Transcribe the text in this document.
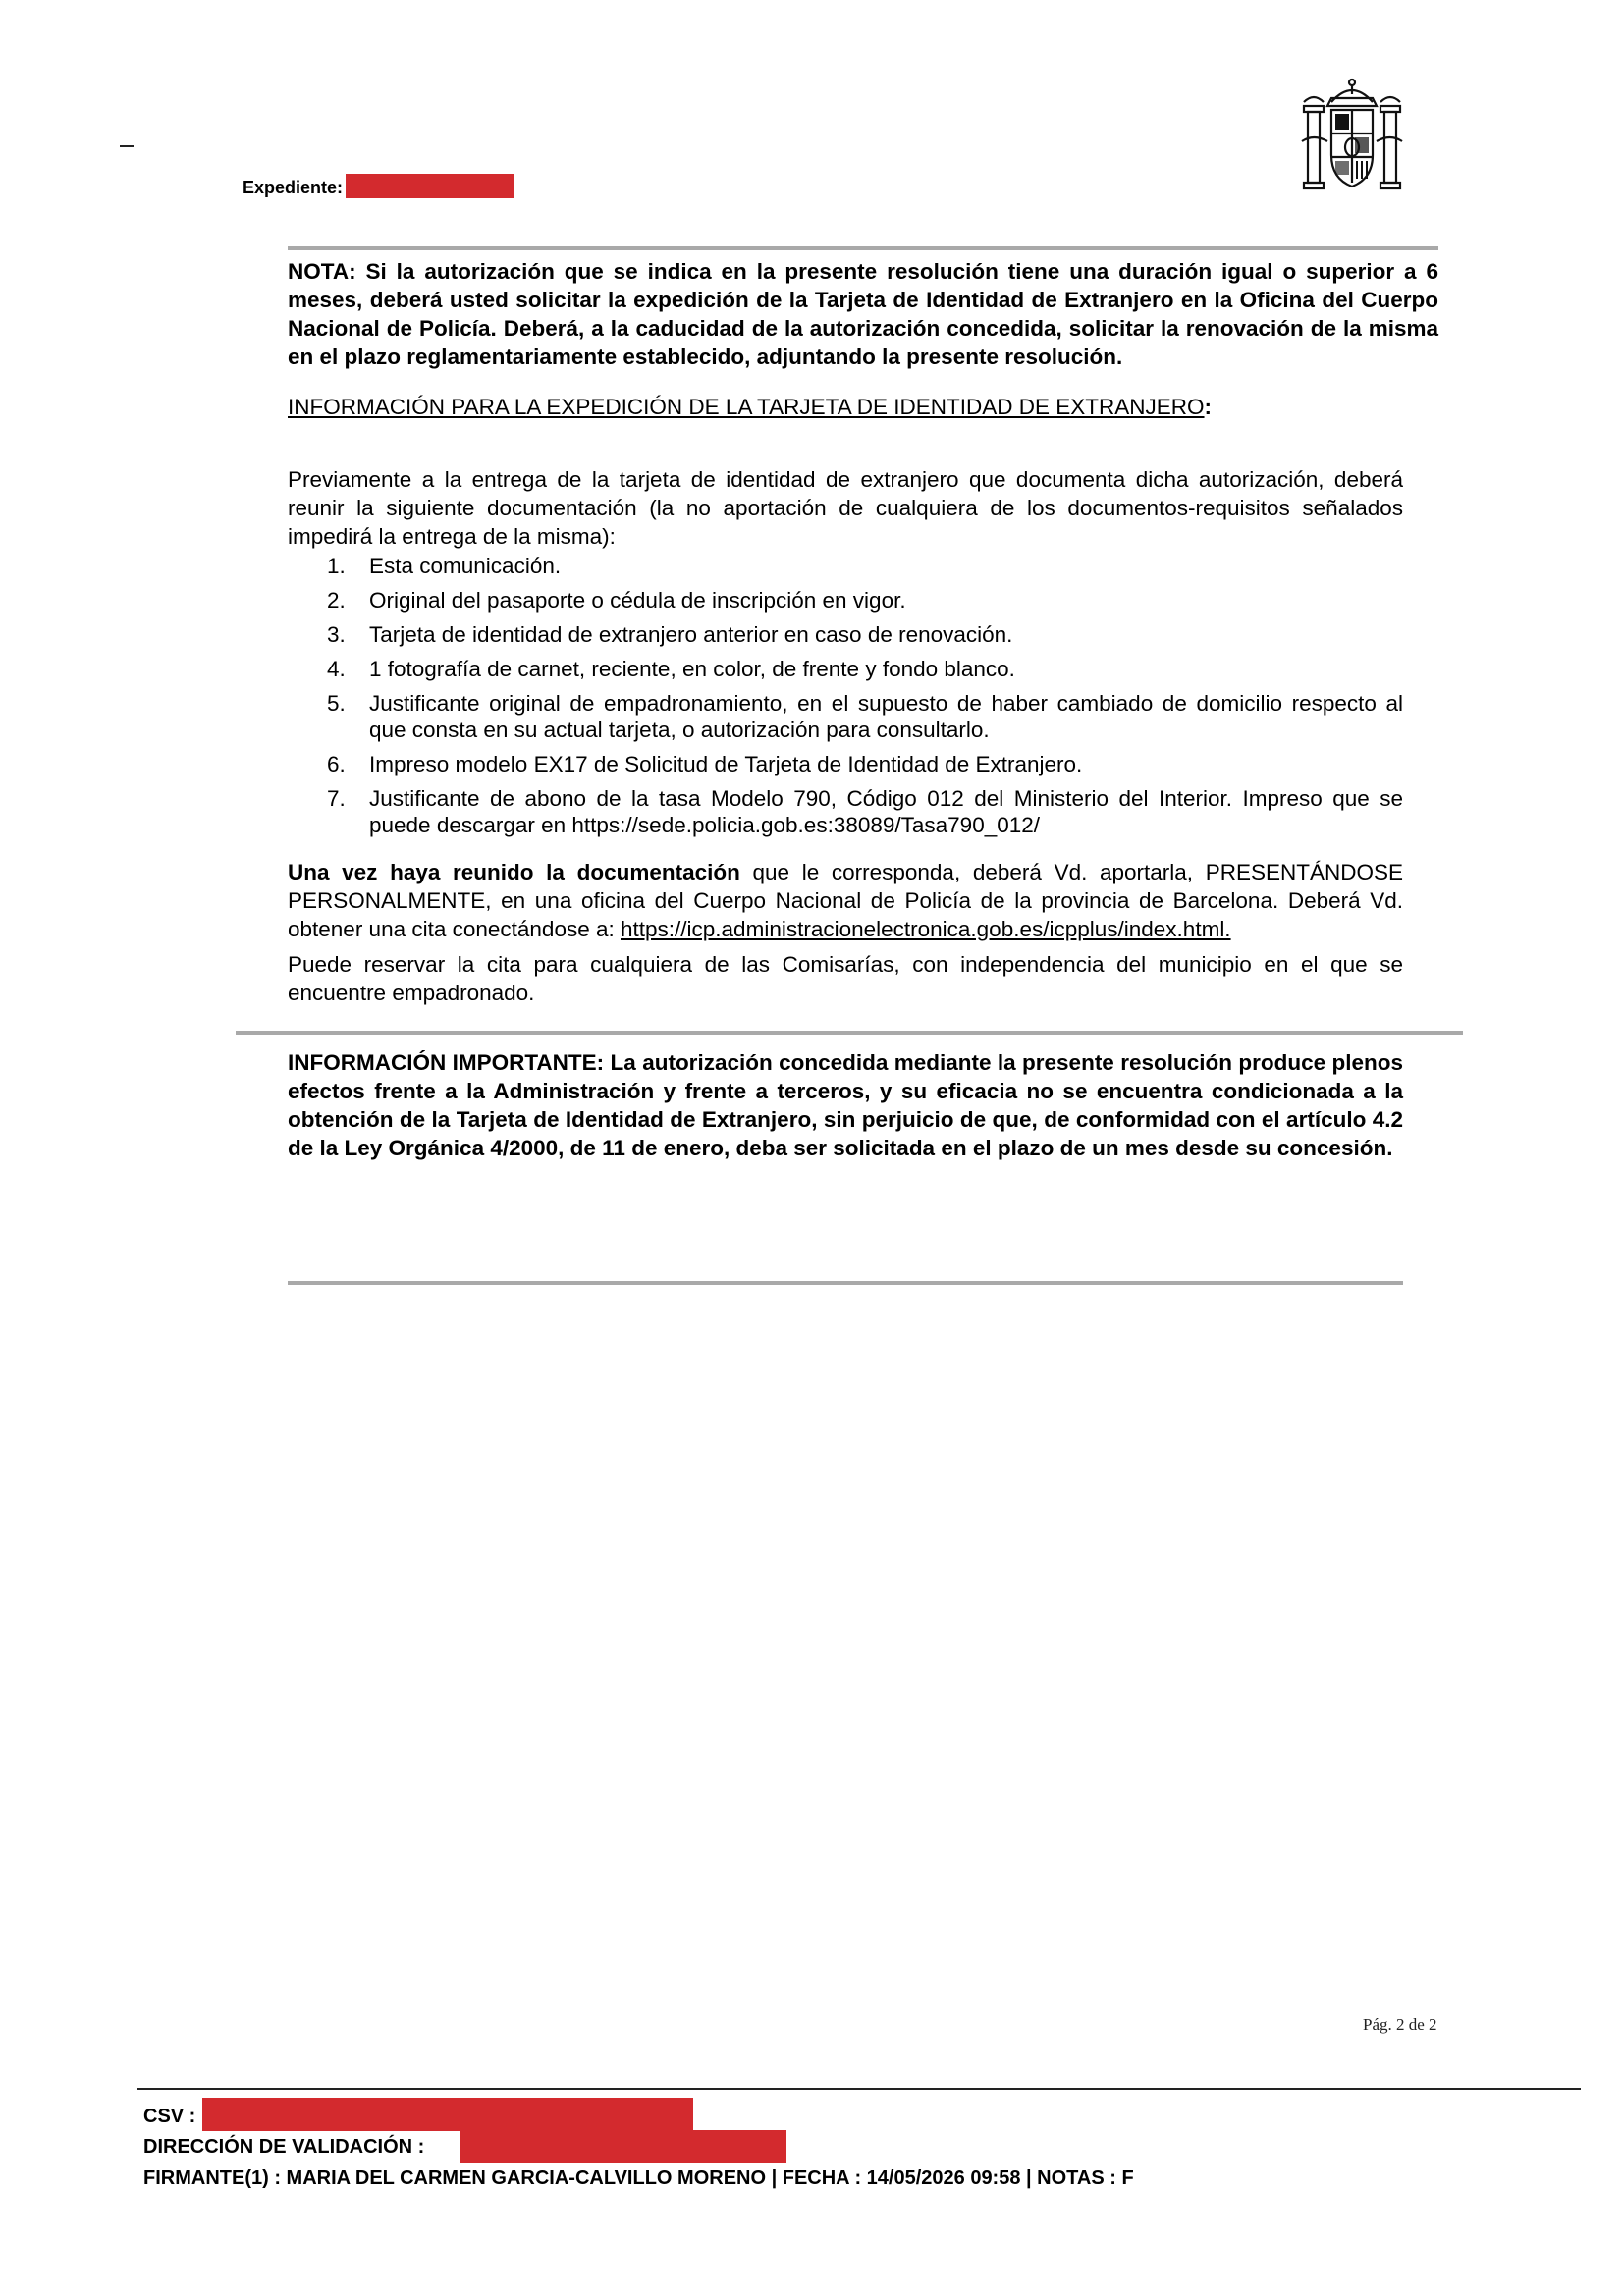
Expediente:
NOTA: Si la autorización que se indica en la presente resolución tiene una duración igual o superior a 6 meses, deberá usted solicitar la expedición de la Tarjeta de Identidad de Extranjero en la Oficina del Cuerpo Nacional de Policía. Deberá, a la caducidad de la autorización concedida, solicitar la renovación de la misma en el plazo reglamentariamente establecido, adjuntando la presente resolución.
INFORMACIÓN PARA LA EXPEDICIÓN DE LA TARJETA DE IDENTIDAD DE EXTRANJERO:
Previamente a la entrega de la tarjeta de identidad de extranjero que documenta dicha autorización, deberá reunir la siguiente documentación (la no aportación de cualquiera de los documentos-requisitos señalados impedirá la entrega de la misma):
1. Esta comunicación.
2. Original del pasaporte o cédula de inscripción en vigor.
3. Tarjeta de identidad de extranjero anterior en caso de renovación.
4. 1 fotografía de carnet, reciente, en color, de frente y fondo blanco.
5. Justificante original de empadronamiento, en el supuesto de haber cambiado de domicilio respecto al que consta en su actual tarjeta, o autorización para consultarlo.
6. Impreso modelo EX17 de Solicitud de Tarjeta de Identidad de Extranjero.
7. Justificante de abono de la tasa Modelo 790, Código 012 del Ministerio del Interior. Impreso que se puede descargar en https://sede.policia.gob.es:38089/Tasa790_012/
Una vez haya reunido la documentación que le corresponda, deberá Vd. aportarla, PRESENTÁNDOSE PERSONALMENTE, en una oficina del Cuerpo Nacional de Policía de la provincia de Barcelona. Deberá Vd. obtener una cita conectándose a: https://icp.administracionelectronica.gob.es/icpplus/index.html.
Puede reservar la cita para cualquiera de las Comisarías, con independencia del municipio en el que se encuentre empadronado.
INFORMACIÓN IMPORTANTE: La autorización concedida mediante la presente resolución produce plenos efectos frente a la Administración y frente a terceros, y su eficacia no se encuentra condicionada a la obtención de la Tarjeta de Identidad de Extranjero, sin perjuicio de que, de conformidad con el artículo 4.2 de la Ley Orgánica 4/2000, de 11 de enero, deba ser solicitada en el plazo de un mes desde su concesión.
Pág. 2 de 2
CSV :
DIRECCIÓN DE VALIDACIÓN :
FIRMANTE(1) : MARIA DEL CARMEN GARCIA-CALVILLO MORENO | FECHA : 14/05/2026 09:58 | NOTAS : F
